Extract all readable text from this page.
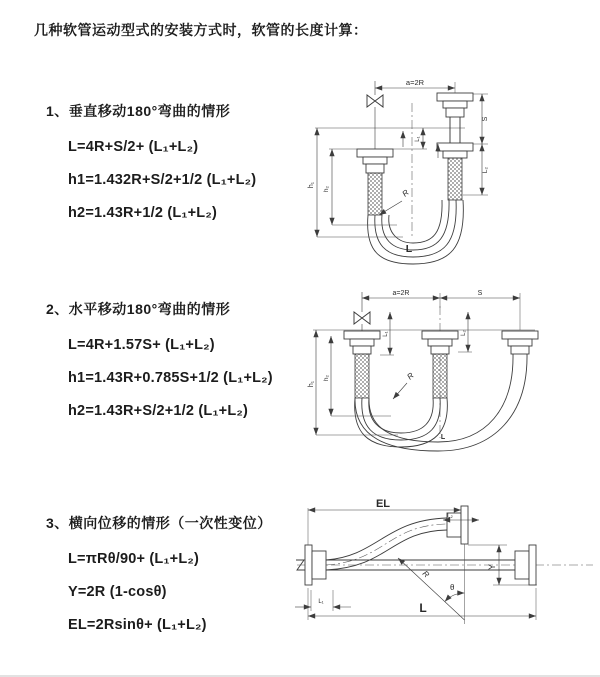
几种软管运动型式的安装方式时，软管的长度计算：
1、垂直移动180°弯曲的情形
L=4R+S/2+ (L₁+L₂)
h1=1.432R+S/2+1/2 (L₁+L₂)
h2=1.43R+1/2 (L₁+L₂)
2、水平移动180°弯曲的情形
L=4R+1.57S+ (L₁+L₂)
h1=1.43R+0.785S+1/2 (L₁+L₂)
h2=1.43R+S/2+1/2 (L₁+L₂)
3、横向位移的情形（一次性变位）
L=πRθ/90+ (L₁+L₂)
Y=2R (1-cosθ)
EL=2Rsinθ+ (L₁+L₂)
a=2R
h₁
h₂
L₁
S
L₂
R
L
a=2R	S
h₁
h₂
L₁	L₂
R
L
θ
R
EL
L₂
Y
L₁	L
